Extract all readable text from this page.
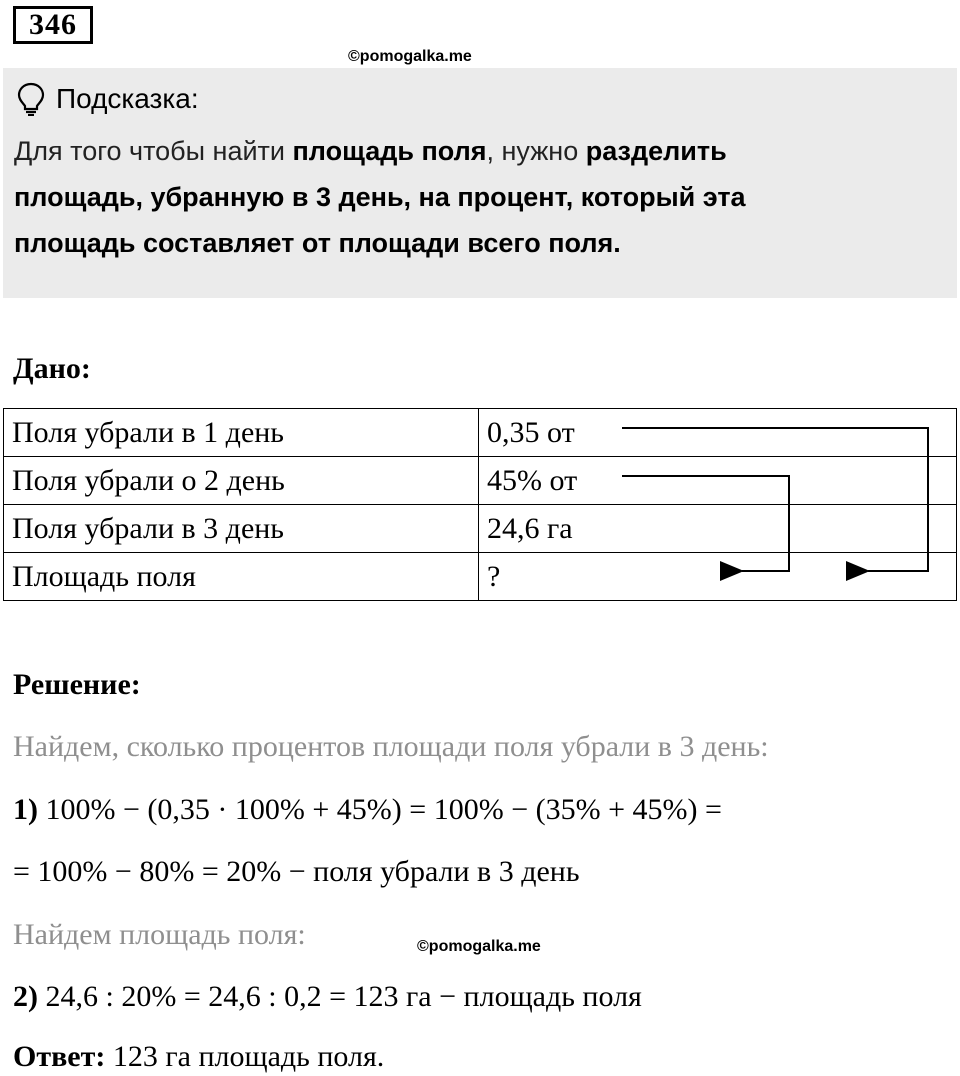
346
©pomogalka.me
Подсказка:
Для того чтобы найти площадь поля, нужно разделить
площадь, убранную в 3 день, на процент, который эта
площадь составляет от площади всего поля.
Дано:
Поля убрали в 1 день	0,35 от
Поля убрали о 2 день	45% от
Поля убрали в 3 день	24,6 га
Площадь поля	?
Решение:
Найдем, сколько процентов площади поля убрали в 3 день:
1) 100% − (0,35 · 100% + 45%) = 100% − (35% + 45%) =
= 100% − 80% = 20% − поля убрали в 3 день
Найдем площадь поля:	©pomogalka.me
2) 24,6 : 20% = 24,6 : 0,2 = 123 га − площадь поля
Ответ: 123 га площадь поля.
